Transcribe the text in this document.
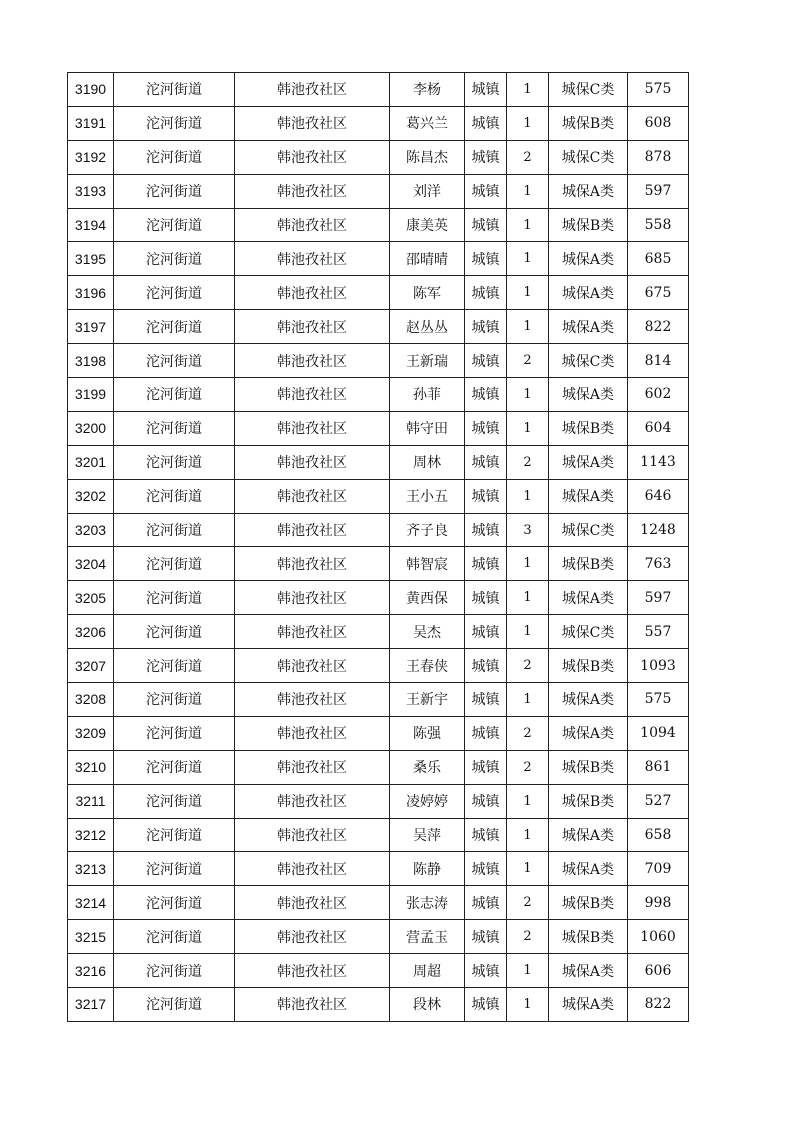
3190	沱河街道	韩池孜社区	李杨	城镇	1	城保C类	575
3191	沱河街道	韩池孜社区	葛兴兰	城镇	1	城保B类	608
3192	沱河街道	韩池孜社区	陈昌杰	城镇	2	城保C类	878
3193	沱河街道	韩池孜社区	刘洋	城镇	1	城保A类	597
3194	沱河街道	韩池孜社区	康美英	城镇	1	城保B类	558
3195	沱河街道	韩池孜社区	邵晴晴	城镇	1	城保A类	685
3196	沱河街道	韩池孜社区	陈军	城镇	1	城保A类	675
3197	沱河街道	韩池孜社区	赵丛丛	城镇	1	城保A类	822
3198	沱河街道	韩池孜社区	王新瑞	城镇	2	城保C类	814
3199	沱河街道	韩池孜社区	孙菲	城镇	1	城保A类	602
3200	沱河街道	韩池孜社区	韩守田	城镇	1	城保B类	604
3201	沱河街道	韩池孜社区	周林	城镇	2	城保A类	1143
3202	沱河街道	韩池孜社区	王小五	城镇	1	城保A类	646
3203	沱河街道	韩池孜社区	齐子良	城镇	3	城保C类	1248
3204	沱河街道	韩池孜社区	韩智宸	城镇	1	城保B类	763
3205	沱河街道	韩池孜社区	黄西保	城镇	1	城保A类	597
3206	沱河街道	韩池孜社区	吴杰	城镇	1	城保C类	557
3207	沱河街道	韩池孜社区	王春侠	城镇	2	城保B类	1093
3208	沱河街道	韩池孜社区	王新宇	城镇	1	城保A类	575
3209	沱河街道	韩池孜社区	陈强	城镇	2	城保A类	1094
3210	沱河街道	韩池孜社区	桑乐	城镇	2	城保B类	861
3211	沱河街道	韩池孜社区	凌婷婷	城镇	1	城保B类	527
3212	沱河街道	韩池孜社区	吴萍	城镇	1	城保A类	658
3213	沱河街道	韩池孜社区	陈静	城镇	1	城保A类	709
3214	沱河街道	韩池孜社区	张志涛	城镇	2	城保B类	998
3215	沱河街道	韩池孜社区	营孟玉	城镇	2	城保B类	1060
3216	沱河街道	韩池孜社区	周超	城镇	1	城保A类	606
3217	沱河街道	韩池孜社区	段林	城镇	1	城保A类	822
